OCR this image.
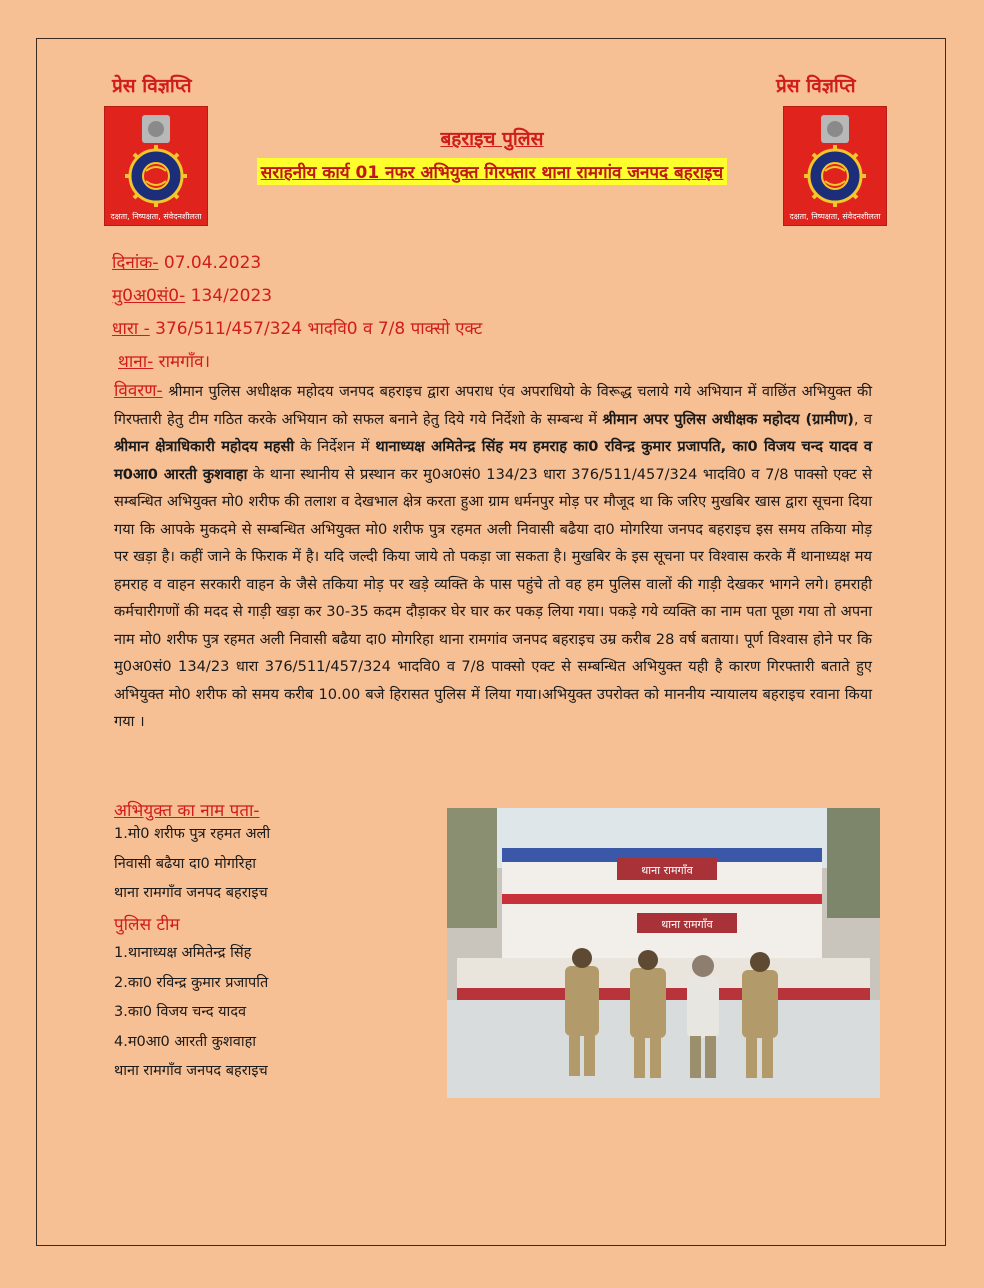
प्रेस विज्ञप्ति	प्रेस विज्ञप्ति
दक्षता, निष्पक्षता, संवेदनशीलता	दक्षता, निष्पक्षता, संवेदनशीलता
बहराइच पुलिस
सराहनीय कार्य 01 नफर अभियुक्त गिरफ्तार थाना रामगांव जनपद बहराइच
दिनांक- 07.04.2023
मु0अ0सं0- 134/2023
धारा - 376/511/457/324 भादवि0 व 7/8 पाक्सो एक्ट
थाना- रामगाँव।

विवरण- श्रीमान पुलिस अधीक्षक महोदय जनपद बहराइच द्वारा अपराध एंव अपराधियो के विरूद्ध चलाये गये अभियान में वाछिंत अभियुक्त की गिरफ्तारी हेतु टीम गठित करके अभियान को सफल बनाने हेतु दिये गये निर्देशो के सम्बन्ध में श्रीमान अपर पुलिस अधीक्षक महोदय (ग्रामीण), व श्रीमान क्षेत्राधिकारी महोदय महसी के निर्देशन में थानाध्यक्ष अमितेन्द्र सिंह मय हमराह का0 रविन्द्र कुमार प्रजापति, का0 विजय चन्द यादव व म0आ0 आरती कुशवाहा के थाना स्थानीय से प्रस्थान कर मु0अ0सं0 134/23 धारा 376/511/457/324 भादवि0 व 7/8 पाक्सो एक्ट से सम्बन्धित अभियुक्त मो0 शरीफ की तलाश व देखभाल क्षेत्र करता हुआ ग्राम धर्मनपुर मोड़ पर मौजूद था कि जरिए मुखबिर खास द्वारा सूचना दिया गया कि आपके मुकदमे से सम्बन्धित अभियुक्त मो0 शरीफ पुत्र रहमत अली निवासी बढैया दा0 मोगरिया जनपद बहराइच इस समय तकिया मोड़ पर खड़ा है। कहीं जाने के फिराक में है। यदि जल्दी किया जाये तो पकड़ा जा सकता है। मुखबिर के इस सूचना पर विश्वास करके मैं थानाध्यक्ष मय हमराह व वाहन सरकारी वाहन के जैसे तकिया मोड़ पर खड़े व्यक्ति के पास पहुंचे तो वह हम पुलिस वालों की गाड़ी देखकर भागने लगे। हमराही कर्मचारीगणों की मदद से गाड़ी खड़ा कर 30-35 कदम दौड़ाकर घेर घार कर पकड़ लिया गया। पकड़े गये व्यक्ति का नाम पता पूछा गया तो अपना नाम मो0 शरीफ पुत्र रहमत अली निवासी बढैया दा0 मोगरिहा थाना रामगांव जनपद बहराइच उम्र करीब 28 वर्ष बताया। पूर्ण विश्वास होने पर कि मु0अ0सं0 134/23 धारा 376/511/457/324 भादवि0 व 7/8 पाक्सो एक्ट से सम्बन्धित अभियुक्त यही है कारण गिरफ्तारी बताते हुए अभियुक्त मो0 शरीफ को समय करीब 10.00 बजे हिरासत पुलिस में लिया गया।अभियुक्त उपरोक्त को माननीय न्यायालय बहराइच रवाना किया गया ।

अभियुक्त का नाम पता-
1.मो0 शरीफ पुत्र रहमत अली
निवासी बढैया दा0 मोगरिहा
थाना रामगाँव जनपद बहराइच
पुलिस टीम
1.थानाध्यक्ष अमितेन्द्र सिंह
2.का0 रविन्द्र कुमार प्रजापति
3.का0 विजय चन्द यादव
4.म0आ0 आरती कुशवाहा
थाना रामगाँव जनपद बहराइच
थाना रामगाँव
थाना रामगाँव
